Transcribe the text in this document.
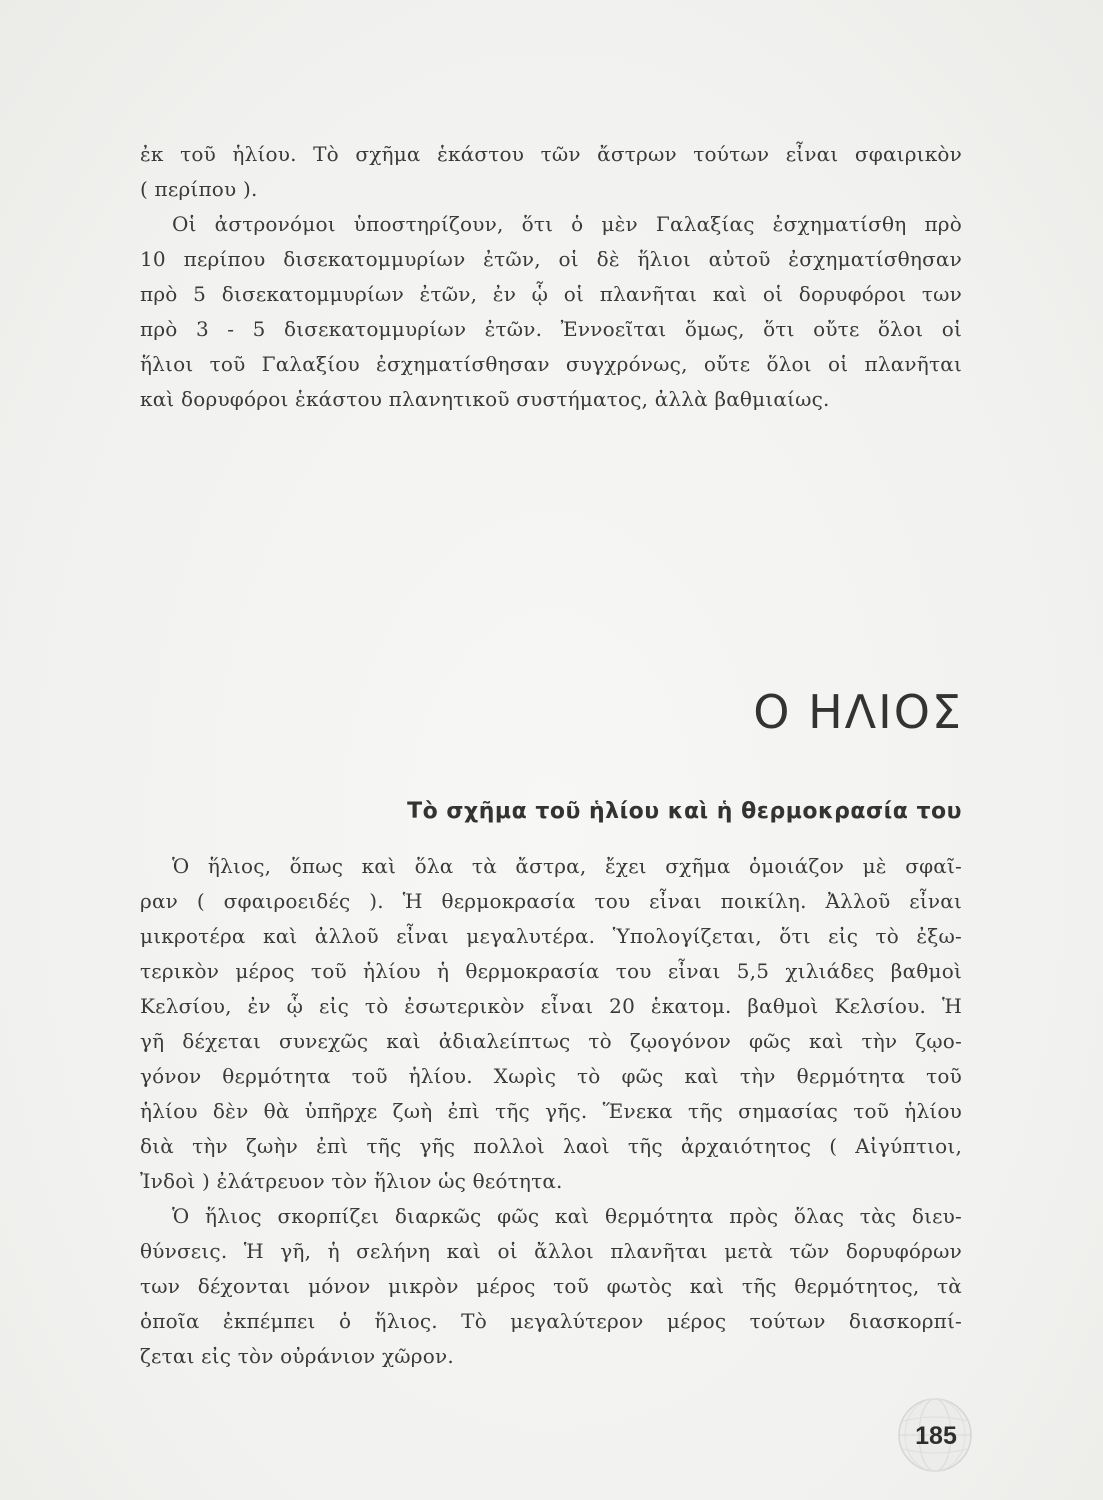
ἐκ τοῦ ἡλίου. Τὸ σχῆμα ἑκάστου τῶν ἄστρων τούτων εἶναι σφαιρικὸν
( περίπου ).
Οἱ ἀστρονόμοι ὑποστηρίζουν, ὅτι ὁ μὲν Γαλαξίας ἐσχηματίσθη πρὸ
10 περίπου δισεκατομμυρίων ἐτῶν, οἱ δὲ ἥλιοι αὐτοῦ ἐσχηματίσθησαν
πρὸ 5 δισεκατομμυρίων ἐτῶν, ἐν ᾧ οἱ πλανῆται καὶ οἱ δορυφόροι των
πρὸ 3 - 5 δισεκατομμυρίων ἐτῶν. Ἐννοεῖται ὅμως, ὅτι οὔτε ὅλοι οἱ
ἥλιοι τοῦ Γαλαξίου ἐσχηματίσθησαν συγχρόνως, οὔτε ὅλοι οἱ πλανῆται
καὶ δορυφόροι ἑκάστου πλανητικοῦ συστήματος, ἀλλὰ βαθμιαίως.
Ο ΗΛΙΟΣ
Τὸ σχῆμα τοῦ ἡλίου καὶ ἡ θερμοκρασία του
Ὁ ἥλιος, ὅπως καὶ ὅλα τὰ ἄστρα, ἔχει σχῆμα ὁμοιάζον μὲ σφαῖ-
ραν ( σφαιροειδές ). Ἡ θερμοκρασία του εἶναι ποικίλη. Ἀλλοῦ εἶναι
μικροτέρα καὶ ἀλλοῦ εἶναι μεγαλυτέρα. Ὑπολογίζεται, ὅτι εἰς τὸ ἐξω-
τερικὸν μέρος τοῦ ἡλίου ἡ θερμοκρασία του εἶναι 5,5 χιλιάδες βαθμοὶ
Κελσίου, ἐν ᾧ εἰς τὸ ἐσωτερικὸν εἶναι 20 ἑκατομ. βαθμοὶ Κελσίου. Ἡ
γῆ δέχεται συνεχῶς καὶ ἀδιαλείπτως τὸ ζῳογόνον φῶς καὶ τὴν ζῳο-
γόνον θερμότητα τοῦ ἡλίου. Χωρὶς τὸ φῶς καὶ τὴν θερμότητα τοῦ
ἡλίου δὲν θὰ ὑπῆρχε ζωὴ ἐπὶ τῆς γῆς. Ἕνεκα τῆς σημασίας τοῦ ἡλίου
διὰ τὴν ζωὴν ἐπὶ τῆς γῆς πολλοὶ λαοὶ τῆς ἀρχαιότητος ( Αἰγύπτιοι,
Ἰνδοὶ ) ἐλάτρευον τὸν ἥλιον ὡς θεότητα.
Ὁ ἥλιος σκορπίζει διαρκῶς φῶς καὶ θερμότητα πρὸς ὅλας τὰς διευ-
θύνσεις. Ἡ γῆ, ἡ σελήνη καὶ οἱ ἄλλοι πλανῆται μετὰ τῶν δορυφόρων
των δέχονται μόνον μικρὸν μέρος τοῦ φωτὸς καὶ τῆς θερμότητος, τὰ
ὁποῖα ἐκπέμπει ὁ ἥλιος. Τὸ μεγαλύτερον μέρος τούτων διασκορπί-
ζεται εἰς τὸν οὐράνιον χῶρον.
185
